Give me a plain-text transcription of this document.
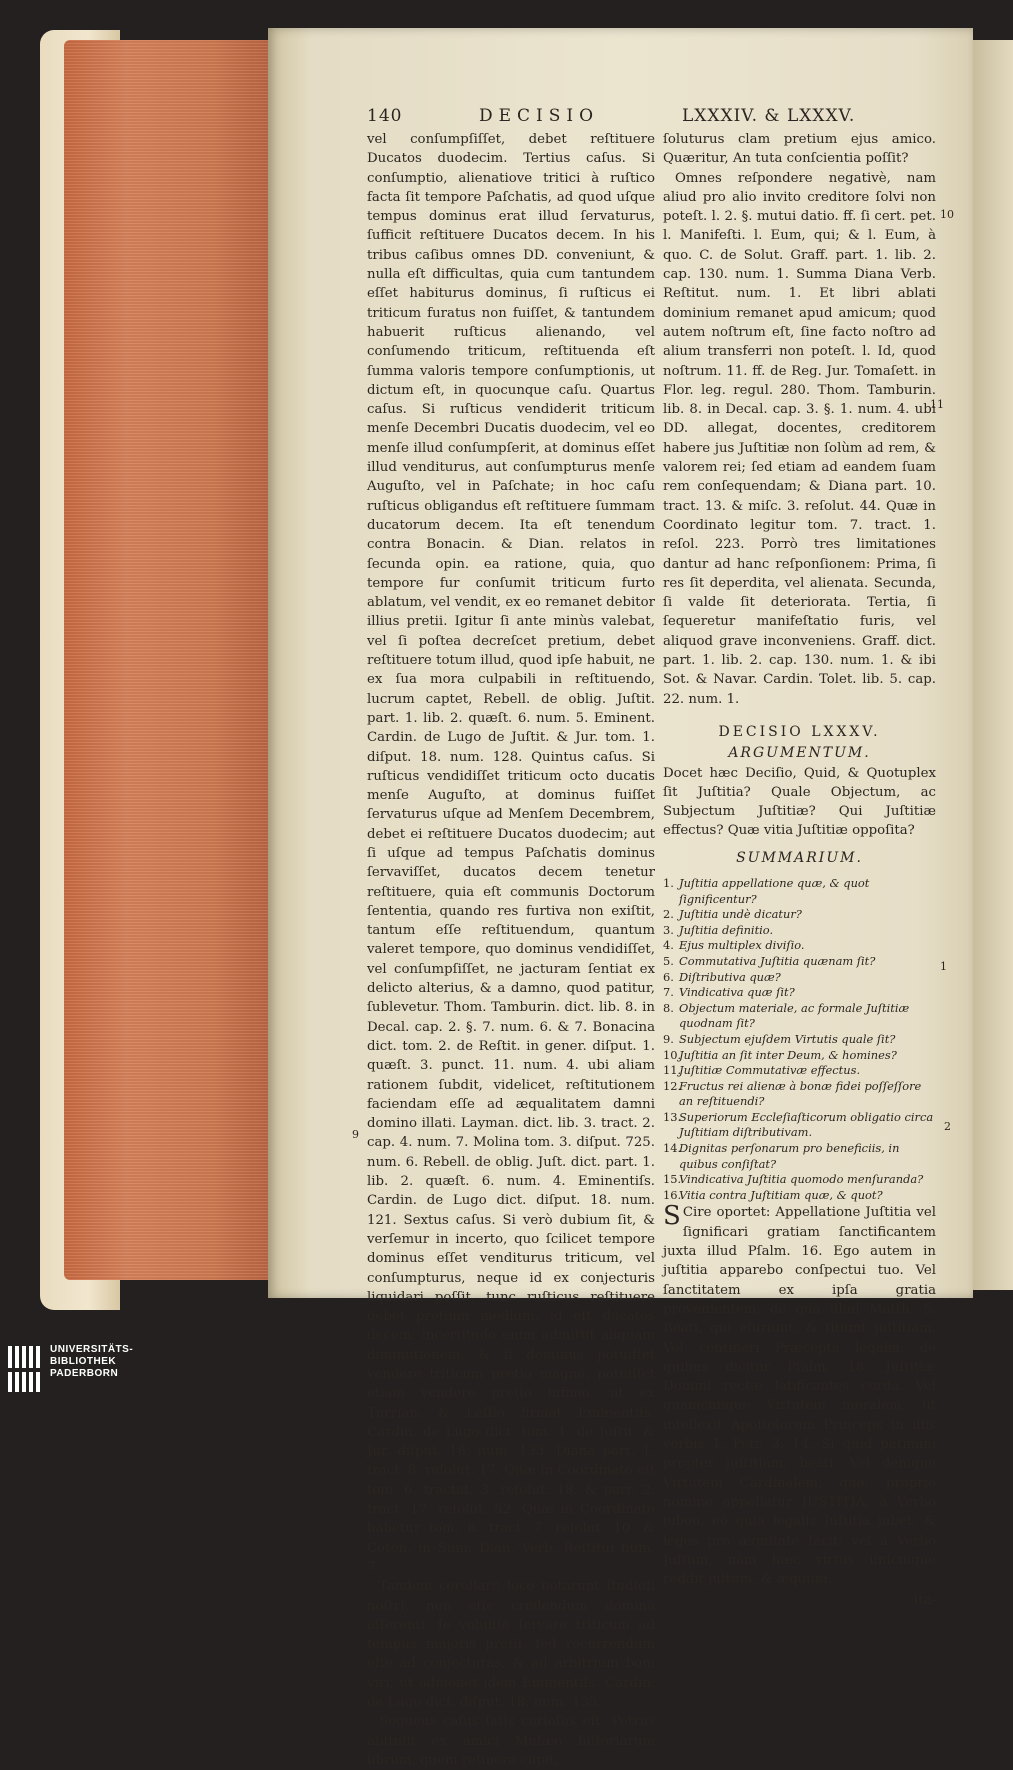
140	DECISIO	LXXXIV. & LXXXV.

vel conſumpſiſſet, debet reſtituere Ducatos duodecim. Tertius caſus. Si conſumptio, alienatiove tritici à ruſtico facta ſit tempore Paſchatis, ad quod uſque tempus dominus erat illud ſervaturus, ſufficit reſtituere Ducatos decem. In his tribus caſibus omnes DD. conveniunt, & nulla eſt difficultas, quia cum tantundem eſſet habiturus dominus, ſi ruſticus ei triticum furatus non fuiſſet, & tantundem habuerit ruſticus alienando, vel conſumendo triticum, reſtituenda eſt ſumma valoris tempore conſumptionis, ut dictum eſt, in quocunque caſu. Quartus caſus. Si ruſticus vendiderit triticum menſe Decembri Ducatis duodecim, vel eo menſe illud conſumpſerit, at dominus eſſet illud venditurus, aut conſumpturus menſe Auguſto, vel in Paſchate; in hoc caſu ruſticus obligandus eſt reſtituere ſummam ducatorum decem. Ita eſt tenendum contra Bonacin. & Dian. relatos in ſecunda opin. ea ratione, quia, quo tempore fur conſumit triticum furto ablatum, vel vendit, ex eo remanet debitor illius pretii. Igitur ſi ante minùs valebat, vel ſi poſtea decreſcet pretium, debet reſtituere totum illud, quod ipſe habuit, ne ex ſua mora culpabili in reſtituendo, lucrum captet, Rebell. de oblig. Juſtit. part. 1. lib. 2. quæſt. 6. num. 5. Eminent. Cardin. de Lugo de Juſtit. & Jur. tom. 1. diſput. 18. num. 128. Quintus caſus. Si ruſticus vendidiſſet triticum octo ducatis menſe Auguſto, at dominus fuiſſet ſervaturus uſque ad Menſem Decembrem, debet ei reſtituere Ducatos duodecim; aut ſi uſque ad tempus Paſchatis dominus ſervaviſſet, ducatos decem tenetur reſtituere, quia eſt communis Doctorum ſententia, quando res furtiva non exiſtit, tantum eſſe reſtituendum, quantum valeret tempore, quo dominus vendidiſſet, vel conſumpſiſſet, ne jacturam ſentiat ex delicto alterius, & a damno, quod patitur, ſublevetur. Thom. Tamburin. dict. lib. 8. in Decal. cap. 2. §. 7. num. 6. & 7. Bonacina dict. tom. 2. de Reſtit. in gener. diſput. 1. quæſt. 3. punct. 11. num. 4. ubi aliam rationem ſubdit, videlicet, reſtitutionem faciendam eſſe ad æqualitatem damni domino illati. Layman. dict. lib. 3. tract. 2. cap. 4. num. 7. Molina tom. 3. diſput. 725. num. 6. Rebell. de oblig. Juſt. dict. part. 1. lib. 2. quæſt. 6. num. 4. Eminentiſs. Cardin. de Lugo dict. diſput. 18. num. 121. Sextus caſus. Si verò dubium ſit, & verſemur in incerto, quo ſcilicet tempore dominus eſſet venditurus triticum, vel conſumpturus, neque id ex conjecturis liquidari poſſit, tunc ruſticus reſtituere debet pretium medium, id eſt ducatos decem; incertitudo enim admittit aliquam diminutionem, & ſi dominus potuiſſet vendere triticum pretio magno, potuiſſet etiam vendere pretio infimo, ut ex Turrian. & Leſſio firmat Eminentiſs. Cardin. de Lugo dict. tom. 1. de Juſtit. & Jur. diſput. 18. num. 133. Diana part. 1. tract. 8. reſolut. 17. Quæ in Coordinato eſt tom. 6. tractat. 3. reſolut. 18. & parr. 2. tract. 17. reſolut. 52. Quæ in Coordinato habetur tom. 8. tract. 7. reſolut. 10. & Coton. in Sum. Dian. Verb. Reſtitui num. 7.

Tandem corollarii loco notarunt ſtudioſi noſtri, non eſſe credendum domino aſſerenti, ſe voluiſſe ſervare triticum ad tempus majoris pretii, ſed recurrendum eſſe ad conjecturas, & ad arbitrium boni viri, ut admonet idem Eminentiſs. Cardin. de Lugo dict. diſput. 18. num. 135.

Sequens caſus ſatis curioſus eſt: Petrus abſtulit ex amici Muſæo hiſtoriarum librum, quem retinere cupit,

ſoluturus clam pretium ejus amico. Quæritur, An tuta conſcientia poſſit?

Omnes reſpondere negativè, nam aliud pro alio invito creditore ſolvi non poteſt. l. 2. §. mutui datio. ff. ſi cert. pet. l. Manifeſti. l. Eum, qui; & l. Eum, à quo. C. de Solut. Graff. part. 1. lib. 2. cap. 130. num. 1. Summa Diana Verb. Reſtitut. num. 1. Et libri ablati dominium remanet apud amicum; quod autem noſtrum eſt, ſine facto noſtro ad alium transferri non poteſt. l. Id, quod noſtrum. 11. ff. de Reg. Jur. Tomaſett. in Flor. leg. regul. 280. Thom. Tamburin. lib. 8. in Decal. cap. 3. §. 1. num. 4. ubi DD. allegat, docentes, creditorem habere jus Juſtitiæ non ſolùm ad rem, & valorem rei; ſed etiam ad eandem ſuam rem conſequendam; & Diana part. 10. tract. 13. & miſc. 3. reſolut. 44. Quæ in Coordinato legitur tom. 7. tract. 1. reſol. 223. Porrò tres limitationes dantur ad hanc reſponſionem: Prima, ſi res ſit deperdita, vel alienata. Secunda, ſi valde ſit deteriorata. Tertia, ſi ſequeretur manifeſtatio furis, vel aliquod grave inconveniens. Graff. dict. part. 1. lib. 2. cap. 130. num. 1. & ibi Sot. & Navar. Cardin. Tolet. lib. 5. cap. 22. num. 1.

DECISIO LXXXV.
ARGUMENTUM.

Docet hæc Deciſio, Quid, & Quotuplex ſit Juſtitia? Quale Objectum, ac Subjectum Juſtitiæ? Qui Juſtitiæ effectus? Quæ vitia Juſtitiæ oppoſita?

SUMMARIUM.
1. Juſtitia appellatione quæ, & quot ſignificentur?
2. Juſtitia undè dicatur?
3. Juſtitia definitio.
4. Ejus multiplex diviſio.
5. Commutativa Juſtitia quænam ſit?
6. Diſtributiva quæ?
7. Vindicativa quæ ſit?
8. Objectum materiale, ac formale Juſtitiæ quodnam ſit?
9. Subjectum ejuſdem Virtutis quale ſit?
10.Juſtitia an ſit inter Deum, & homines?
11.Juſtitiæ Commutativæ effectus.
12.Fructus rei alienæ à bonæ fidei poſſeſſore an reſtituendi?
13.Superiorum Eccleſiaſticorum obligatio circa Juſtitiam diſtributivam.
14.Dignitas perſonarum pro beneficiis, in quibus conſiſtat?
15.Vindicativa Juſtitia quomodo menſuranda?
16.Vitia contra Juſtitiam quæ, & quot?

SCire oportet: Appellatione Juſtitia vel ſignificari gratiam ſanctificantem juxta illud Pſalm. 16. Ego autem in juſtitia apparebo conſpectui tuo. Vel ſanctitatem ex ipſa gratia provenientem, de qua illud Matth. 5. Beati, qui eſuriunt, & ſitiunt juſtitiam. Vel contineri Præcepta legalia, de quibus dicitur Pſalm. 18. Juſtitiæ Domini rectæ latificantes corda. Vel quamcunque Virtutem moralem, ut intellexit Apoſtolorum Princeps in illis verbis 1. Petr. 3. 14. Si quid patimini propter juſtitiam, beati. Vel denique Virtutem Cardinalem, quæ proprio nomine appellatur JUSTITIA, à Verbo jubeo, eò quia legalis Juſtitia jubet, & leges pro æquitate facit: vel à Verbo Juſtum, nam hæc virtus unicuique reddit juſtum, & æquum.

Ita-
10
11
1
2
9
UNIVERSITÄTS-
BIBLIOTHEK
PADERBORN
